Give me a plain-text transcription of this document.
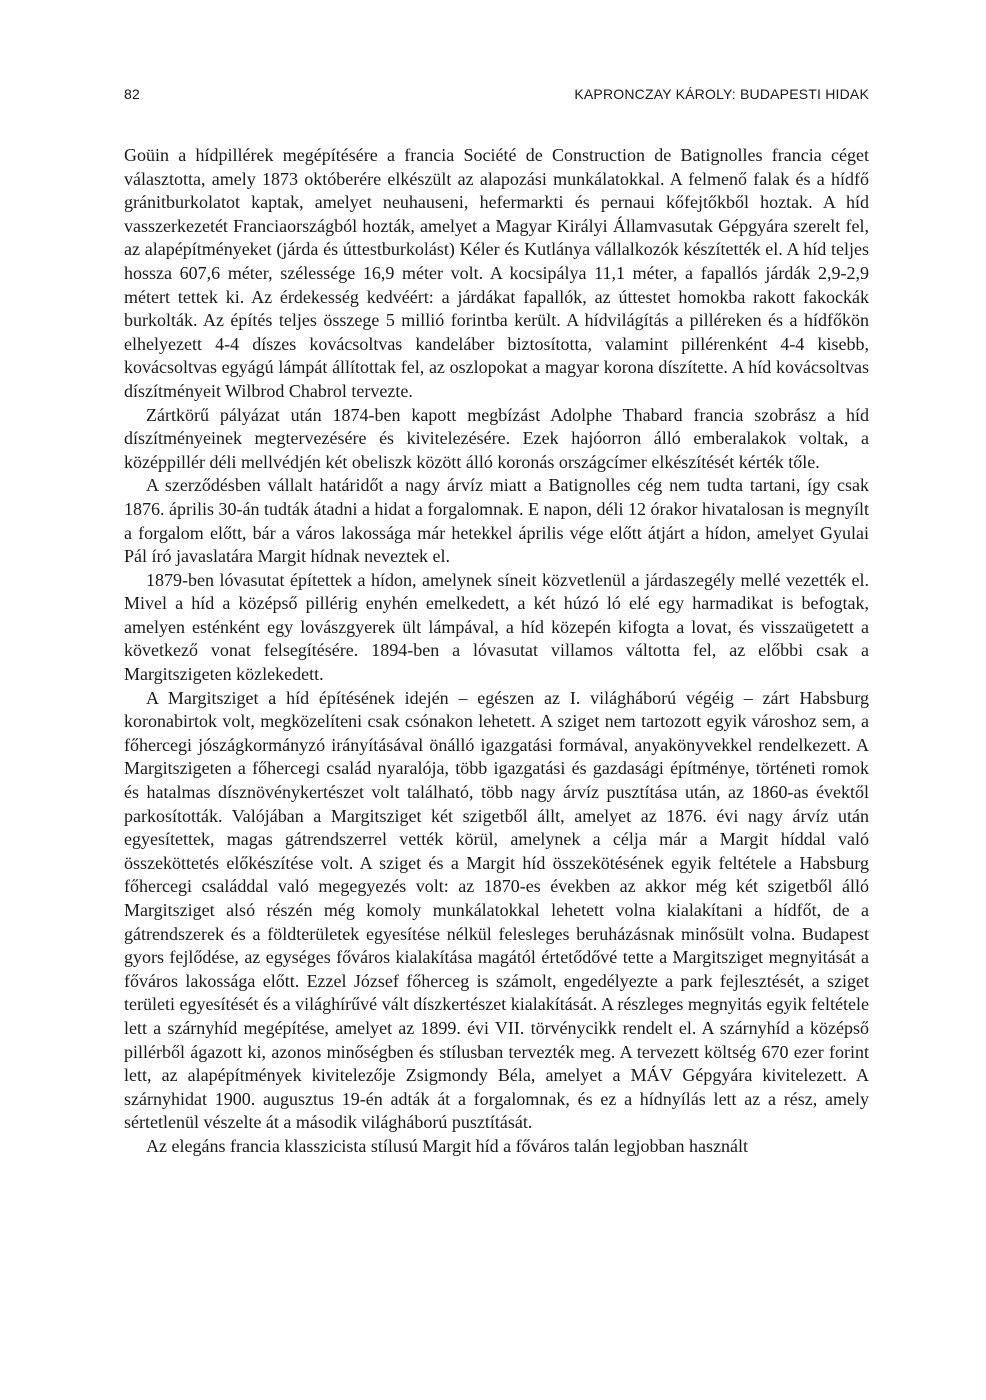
82	KAPRONCZAY KÁROLY: BUDAPESTI HIDAK

Goüin a hídpillérek megépítésére a francia Société de Construction de Batignolles francia céget választotta, amely 1873 októberére elkészült az alapozási munkálatokkal. A felmenő falak és a hídfő gránitburkolatot kaptak, amelyet neuhauseni, hefermarkti és pernaui kőfejtőkből hoztak. A híd vasszerkezetét Franciaországból hozták, amelyet a Magyar Királyi Államvasutak Gépgyára szerelt fel, az alapépítményeket (járda és úttestburkolást) Kéler és Kutlánya vállalkozók készítették el. A híd teljes hossza 607,6 méter, szélessége 16,9 méter volt. A kocsipálya 11,1 méter, a fapallós járdák 2,9-2,9 métert tettek ki. Az érdekesség kedvéért: a járdákat fapallók, az úttestet homokba rakott fakockák burkolták. Az építés teljes összege 5 millió forintba került. A hídvilágítás a pilléreken és a hídfőkön elhelyezett 4-4 díszes kovácsoltvas kandeláber biztosította, valamint pillérenként 4-4 kisebb, kovácsoltvas egyágú lámpát állítottak fel, az oszlopokat a magyar korona díszítette. A híd kovácsoltvas díszítményeit Wilbrod Chabrol tervezte.

Zártkörű pályázat után 1874-ben kapott megbízást Adolphe Thabard francia szobrász a híd díszítményeinek megtervezésére és kivitelezésére. Ezek hajóorron álló emberalakok voltak, a középpillér déli mellvédjén két obeliszk között álló koronás országcímer elkészítését kérték tőle.

A szerződésben vállalt határidőt a nagy árvíz miatt a Batignolles cég nem tudta tartani, így csak 1876. április 30-án tudták átadni a hidat a forgalomnak. E napon, déli 12 órakor hivatalosan is megnyílt a forgalom előtt, bár a város lakossága már hetekkel április vége előtt átjárt a hídon, amelyet Gyulai Pál író javaslatára Margit hídnak neveztek el.

1879-ben lóvasutat építettek a hídon, amelynek síneit közvetlenül a járdaszegély mellé vezették el. Mivel a híd a középső pillérig enyhén emelkedett, a két húzó ló elé egy harmadikat is befogtak, amelyen esténként egy lovászgyerek ült lámpával, a híd közepén kifogta a lovat, és visszaügetett a következő vonat felsegítésére. 1894-ben a lóvasutat villamos váltotta fel, az előbbi csak a Margitszigeten közlekedett.

A Margitsziget a híd építésének idején – egészen az I. világháború végéig – zárt Habsburg koronabirtok volt, megközelíteni csak csónakon lehetett. A sziget nem tartozott egyik városhoz sem, a főhercegi jószágkormányzó irányításával önálló igazgatási formával, anyakönyvekkel rendelkezett. A Margitszigeten a főhercegi család nyaralója, több igazgatási és gazdasági építménye, történeti romok és hatalmas dísznövénykertészet volt található, több nagy árvíz pusztítása után, az 1860-as évektől parkosították. Valójában a Margitsziget két szigetből állt, amelyet az 1876. évi nagy árvíz után egyesítettek, magas gátrendszerrel vették körül, amelynek a célja már a Margit híddal való összeköttetés előkészítése volt. A sziget és a Margit híd összekötésének egyik feltétele a Habsburg főhercegi családdal való megegyezés volt: az 1870-es években az akkor még két szigetből álló Margitsziget alsó részén még komoly munkálatokkal lehetett volna kialakítani a hídfőt, de a gátrendszerek és a földterületek egyesítése nélkül felesleges beruházásnak minősült volna. Budapest gyors fejlődése, az egységes főváros kialakítása magától értetődővé tette a Margitsziget megnyitását a főváros lakossága előtt. Ezzel József főherceg is számolt, engedélyezte a park fejlesztését, a sziget területi egyesítését és a világhírűvé vált díszkertészet kialakítását. A részleges megnyitás egyik feltétele lett a szárnyhíd megépítése, amelyet az 1899. évi VII. törvénycikk rendelt el. A szárnyhíd a középső pillérből ágazott ki, azonos minőségben és stílusban tervezték meg. A tervezett költség 670 ezer forint lett, az alapépítmények kivitelezője Zsigmondy Béla, amelyet a MÁV Gépgyára kivitelezett. A szárnyhidat 1900. augusztus 19-én adták át a forgalomnak, és ez a hídnyílás lett az a rész, amely sértetlenül vészelte át a második világháború pusztítását.

Az elegáns francia klasszicista stílusú Margit híd a főváros talán legjobban használt
